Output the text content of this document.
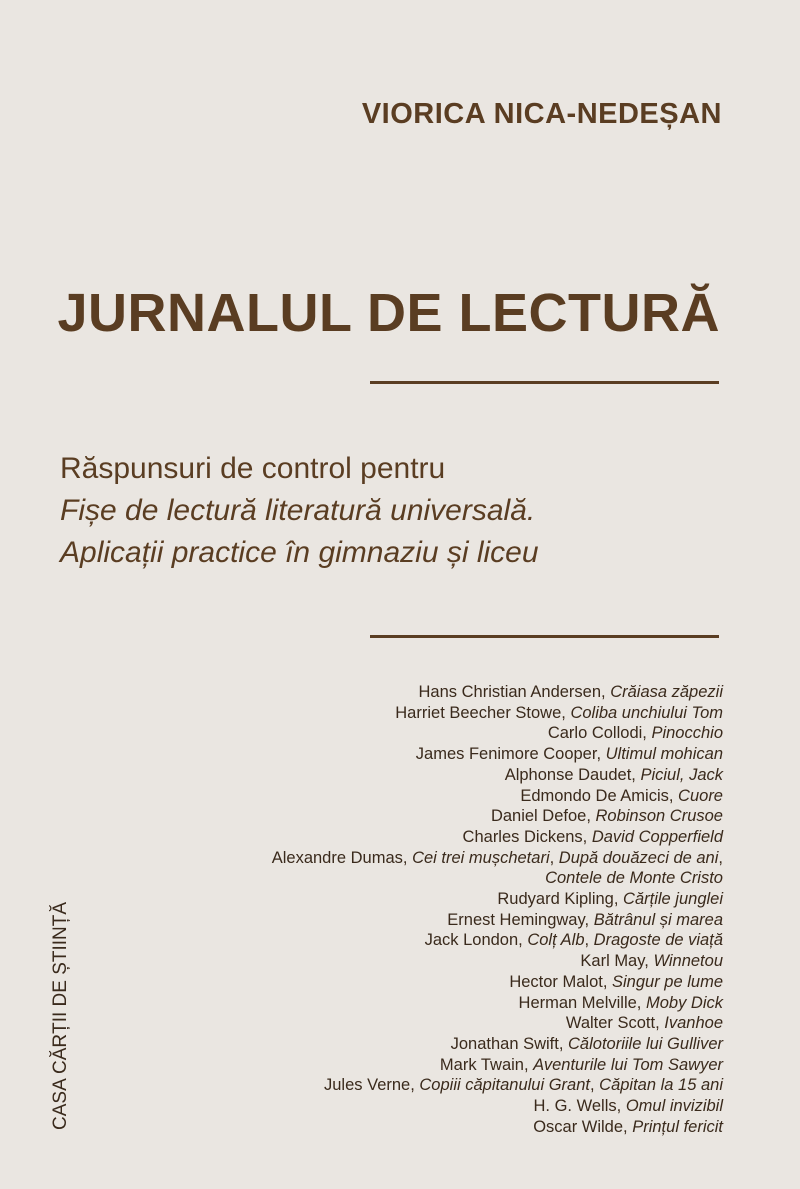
VIORICA NICA-NEDEȘAN
JURNALUL DE LECTURĂ
Răspunsuri de control pentru
Fișe de lectură literatură universală.
Aplicații practice în gimnaziu și liceu
Hans Christian Andersen, Crăiasa zăpezii
Harriet Beecher Stowe, Coliba unchiului Tom
Carlo Collodi, Pinocchio
James Fenimore Cooper, Ultimul mohican
Alphonse Daudet, Piciul, Jack
Edmondo De Amicis, Cuore
Daniel Defoe, Robinson Crusoe
Charles Dickens, David Copperfield
Alexandre Dumas, Cei trei mușchetari, După douăzeci de ani,
Contele de Monte Cristo
Rudyard Kipling, Cărțile junglei
Ernest Hemingway, Bătrânul și marea
Jack London, Colț Alb, Dragoste de viață
Karl May, Winnetou
Hector Malot, Singur pe lume
Herman Melville, Moby Dick
Walter Scott, Ivanhoe
Jonathan Swift, Călotoriile lui Gulliver
Mark Twain, Aventurile lui Tom Sawyer
Jules Verne, Copiii căpitanului Grant, Căpitan la 15 ani
H. G. Wells, Omul invizibil
Oscar Wilde, Prințul fericit
CASA CĂRȚII DE ȘTIINȚĂ
